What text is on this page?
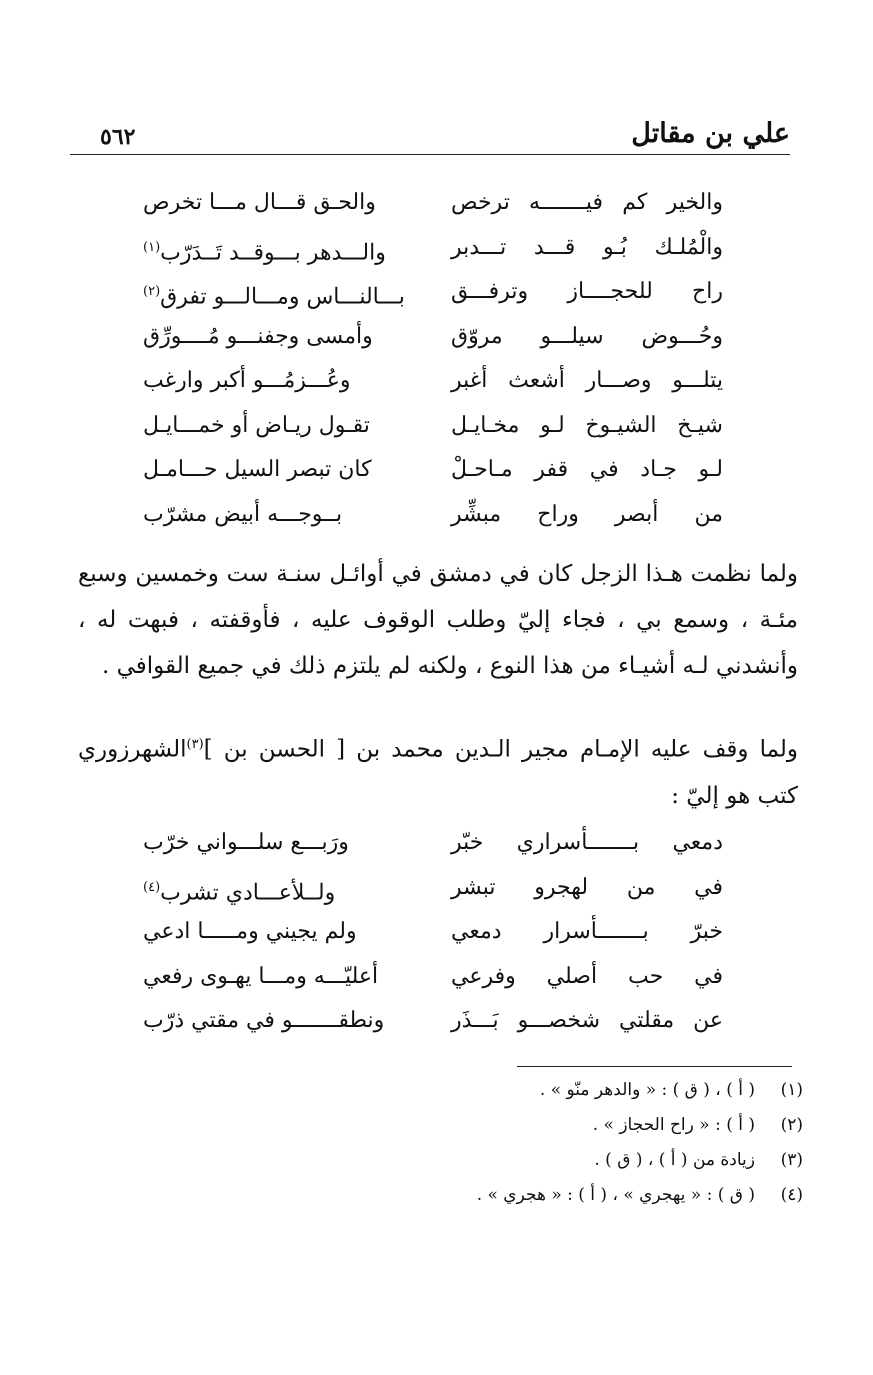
علي بن مقاتل
٥٦٢
والخير كم فيـــــــه ترخص
والحـق قـــال مـــا تخرص
والْمُلـك بُـو قـــد تـــدبر
والـــدهر بـــوقــد تَــدَرّب$^{(١)}$
راح للحجــــاز وترفـــق
بـــالنـــاس ومـــالـــو تفرق$^{(٢)}$
وحُـــوض سيلـــو مروّق
وأمسى وجفنـــو مُــــورِّق
يتلـــو وصـــار أشعث أغبر
وعُـــزمُـــو أكبر وارغب
شيـخ الشيـوخ لـو مخـايـل
تقـول ريـاض أو خمـــايـل
لـو جـاد في قفر مـاحـلْ
كان تبصر السيل حـــامـل
من أبصر وراح مبشِّر
بــوجـــه أبيض مشرّب

ولما نظمت هـذا الزجل كان في دمشق في أوائـل سنـة ست وخمسين وسبع مئـة ، وسمع بي ، فجاء إليّ وطلب الوقوف عليه ، فأوقفته ، فبهت له ، وأنشدني لـه أشيـاء من هذا النوع ، ولكنه لم يلتزم ذلك في جميع القوافي .

ولما وقف عليه الإمـام مجير الـدين محمد بن [ الحسن بن ]$^{(٣)}$الشهرزوري كتب هو إليّ :

دمعي بـــــــأسراري خبّر
ورَبـــع سلـــواني خرّب
في من لهجرو تبشر
ولــلأعـــادي تشرب$^{(٤)}$
خبرّ بـــــــأسرار دمعي
ولم يجيني ومـــــا ادعي
في حب أصلي وفرعي
أعليّـــه ومـــا يهـوى رفعي
عن مقلتي شخصـــو بَـــذَر
ونطقـــــــو في مقتي ذرّب
(١)
( أ ) ، ( ق ) : « والدهر منّو » .
(٢)
( أ ) : « راح الحجاز » .
(٣)
زيادة من ( أ ) ، ( ق ) .
(٤)
( ق ) : « يهجري » ، ( أ ) : « هجري » .
